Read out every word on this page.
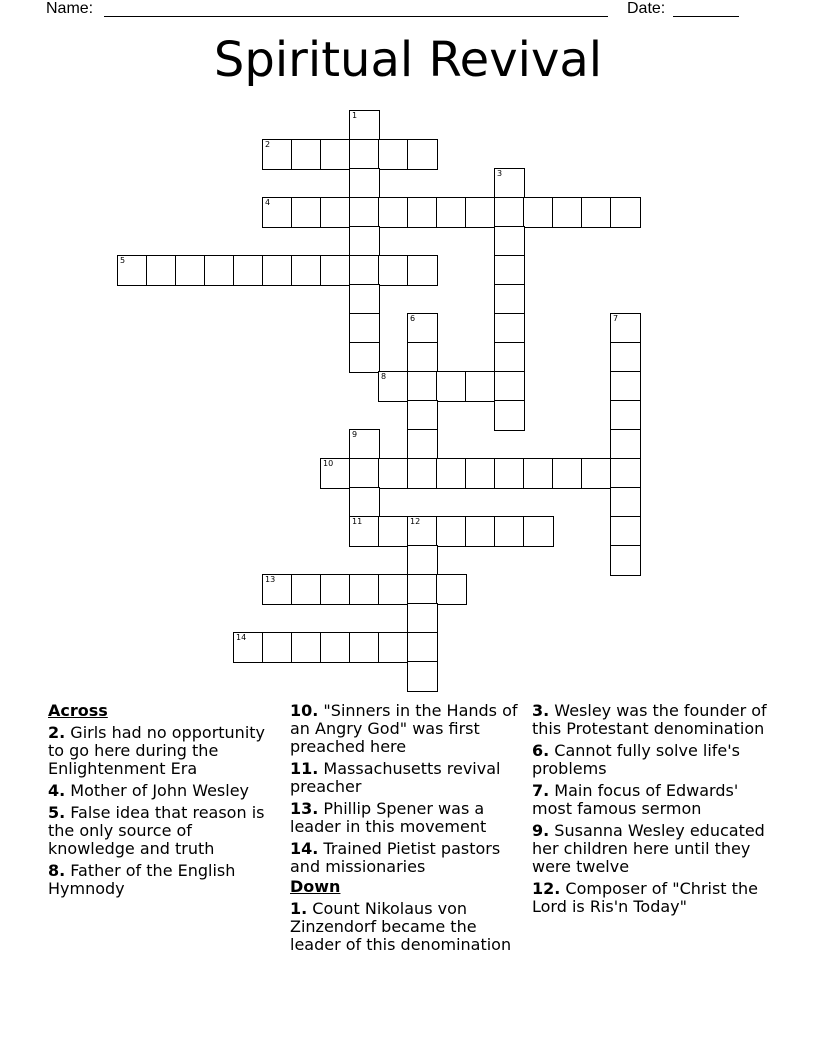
Name:	Date:
Spiritual Revival
1
2
3
4
5
6	7
8
9
10
11	12
13
14
Across
2. Girls had no opportunity to go here during the Enlightenment Era
4. Mother of John Wesley
5. False idea that reason is the only source of knowledge and truth
8. Father of the English Hymnody
10. "Sinners in the Hands of an Angry God" was first preached here
11. Massachusetts revival preacher
13. Phillip Spener was a leader in this movement
14. Trained Pietist pastors and missionaries
Down
1. Count Nikolaus von Zinzendorf became the leader of this denomination
3. Wesley was the founder of this Protestant denomination
6. Cannot fully solve life's problems
7. Main focus of Edwards' most famous sermon
9. Susanna Wesley educated her children here until they were twelve
12. Composer of "Christ the Lord is Ris'n Today"
